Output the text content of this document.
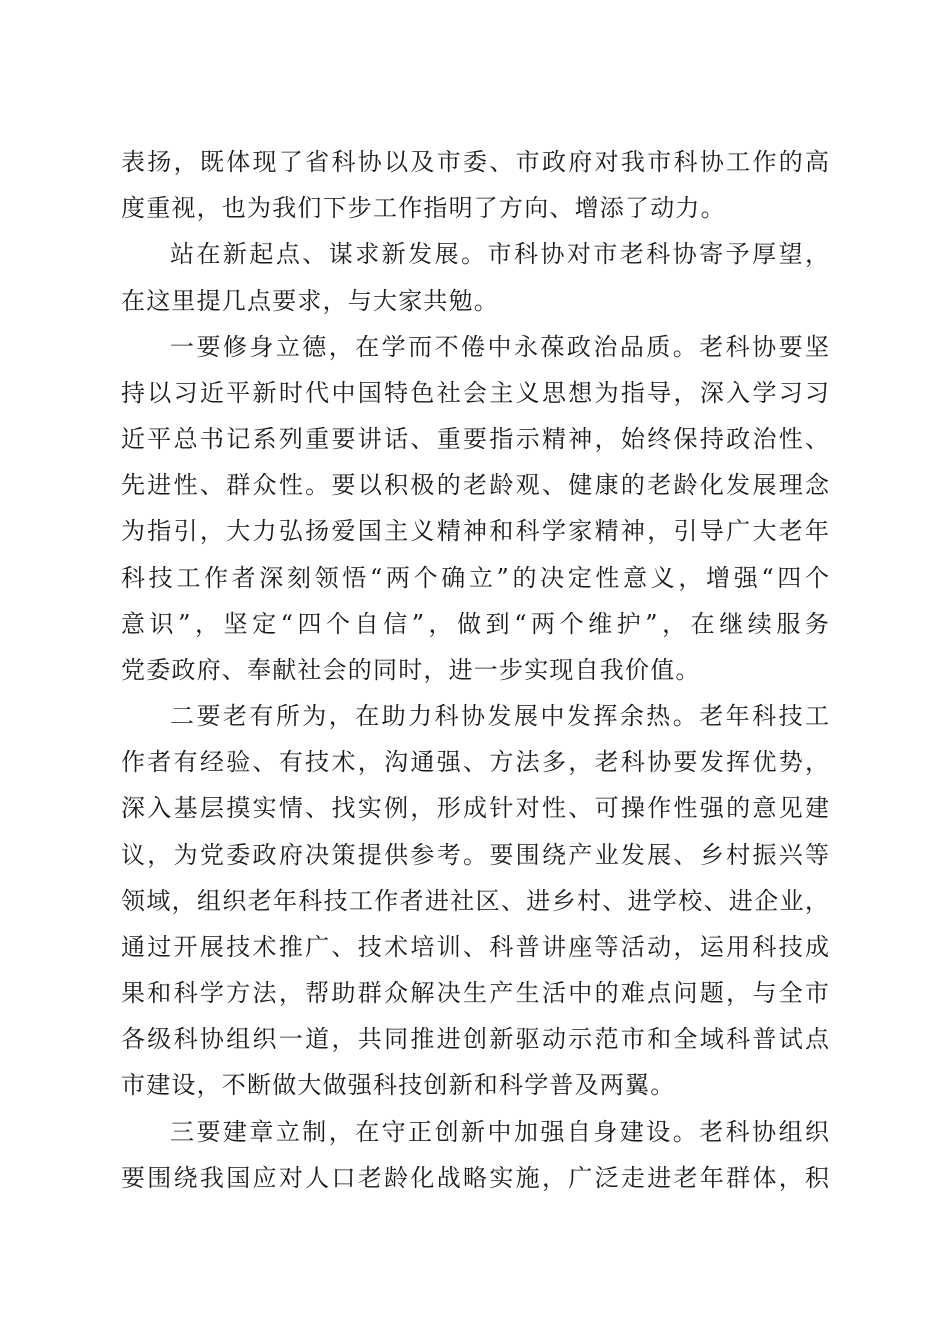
表扬，既体现了省科协以及市委、市政府对我市科协工作的高

度重视，也为我们下步工作指明了方向、增添了动力。

站在新起点、谋求新发展。市科协对市老科协寄予厚望，

在这里提几点要求，与大家共勉。

一要修身立德，在学而不倦中永葆政治品质。老科协要坚

持以习近平新时代中国特色社会主义思想为指导，深入学习习

近平总书记系列重要讲话、重要指示精神，始终保持政治性、

先进性、群众性。要以积极的老龄观、健康的老龄化发展理念

为指引，大力弘扬爱国主义精神和科学家精神，引导广大老年

科技工作者深刻领悟“两个确立”的决定性意义，增强“四个

意识”，坚定“四个自信”，做到“两个维护”，在继续服务

党委政府、奉献社会的同时，进一步实现自我价值。

二要老有所为，在助力科协发展中发挥余热。老年科技工

作者有经验、有技术，沟通强、方法多，老科协要发挥优势，

深入基层摸实情、找实例，形成针对性、可操作性强的意见建

议，为党委政府决策提供参考。要围绕产业发展、乡村振兴等

领域，组织老年科技工作者进社区、进乡村、进学校、进企业，

通过开展技术推广、技术培训、科普讲座等活动，运用科技成

果和科学方法，帮助群众解决生产生活中的难点问题，与全市

各级科协组织一道，共同推进创新驱动示范市和全域科普试点

市建设，不断做大做强科技创新和科学普及两翼。

三要建章立制，在守正创新中加强自身建设。老科协组织

要围绕我国应对人口老龄化战略实施，广泛走进老年群体，积
